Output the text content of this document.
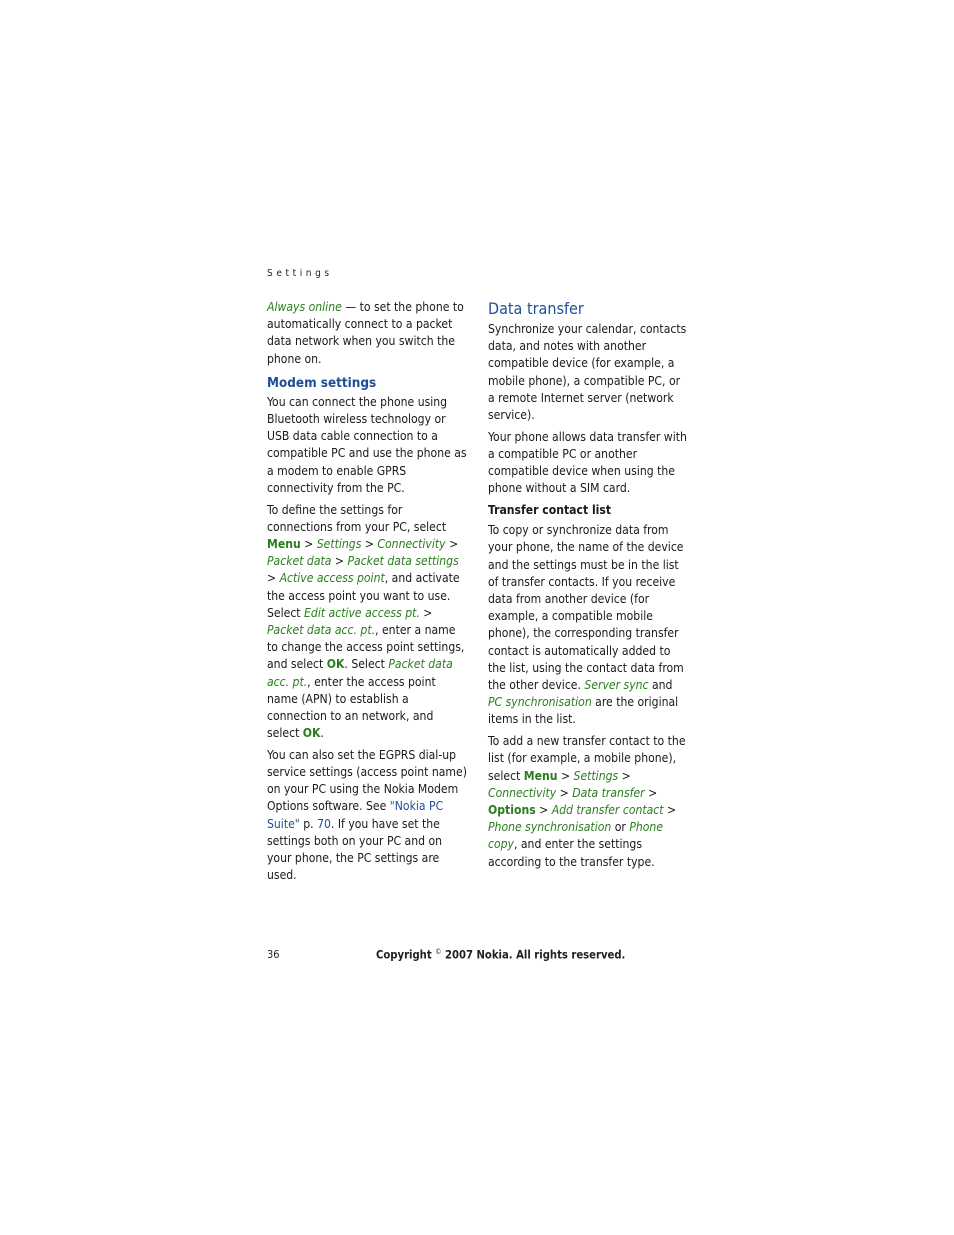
Settings

Always online — to set the phone to automatically connect to a packet data network when you switch the phone on.

Modem settings

You can connect the phone using Bluetooth wireless technology or USB data cable connection to a compatible PC and use the phone as a modem to enable GPRS connectivity from the PC.

To define the settings for connections from your PC, select Menu > Settings > Connectivity > Packet data > Packet data settings > Active access point, and activate the access point you want to use. Select Edit active access pt. > Packet data acc. pt., enter a name to change the access point settings, and select OK. Select Packet data acc. pt., enter the access point name (APN) to establish a connection to an network, and select OK.

You can also set the EGPRS dial-up service settings (access point name) on your PC using the Nokia Modem Options software. See "Nokia PC Suite" p. 70. If you have set the settings both on your PC and on your phone, the PC settings are used.

Data transfer

Synchronize your calendar, contacts data, and notes with another compatible device (for example, a mobile phone), a compatible PC, or a remote Internet server (network service).

Your phone allows data transfer with a compatible PC or another compatible device when using the phone without a SIM card.

Transfer contact list

To copy or synchronize data from your phone, the name of the device and the settings must be in the list of transfer contacts. If you receive data from another device (for example, a compatible mobile phone), the corresponding transfer contact is automatically added to the list, using the contact data from the other device. Server sync and PC synchronisation are the original items in the list.

To add a new transfer contact to the list (for example, a mobile phone), select Menu > Settings > Connectivity > Data transfer > Options > Add transfer contact > Phone synchronisation or Phone copy, and enter the settings according to the transfer type.

36	Copyright © 2007 Nokia. All rights reserved.
